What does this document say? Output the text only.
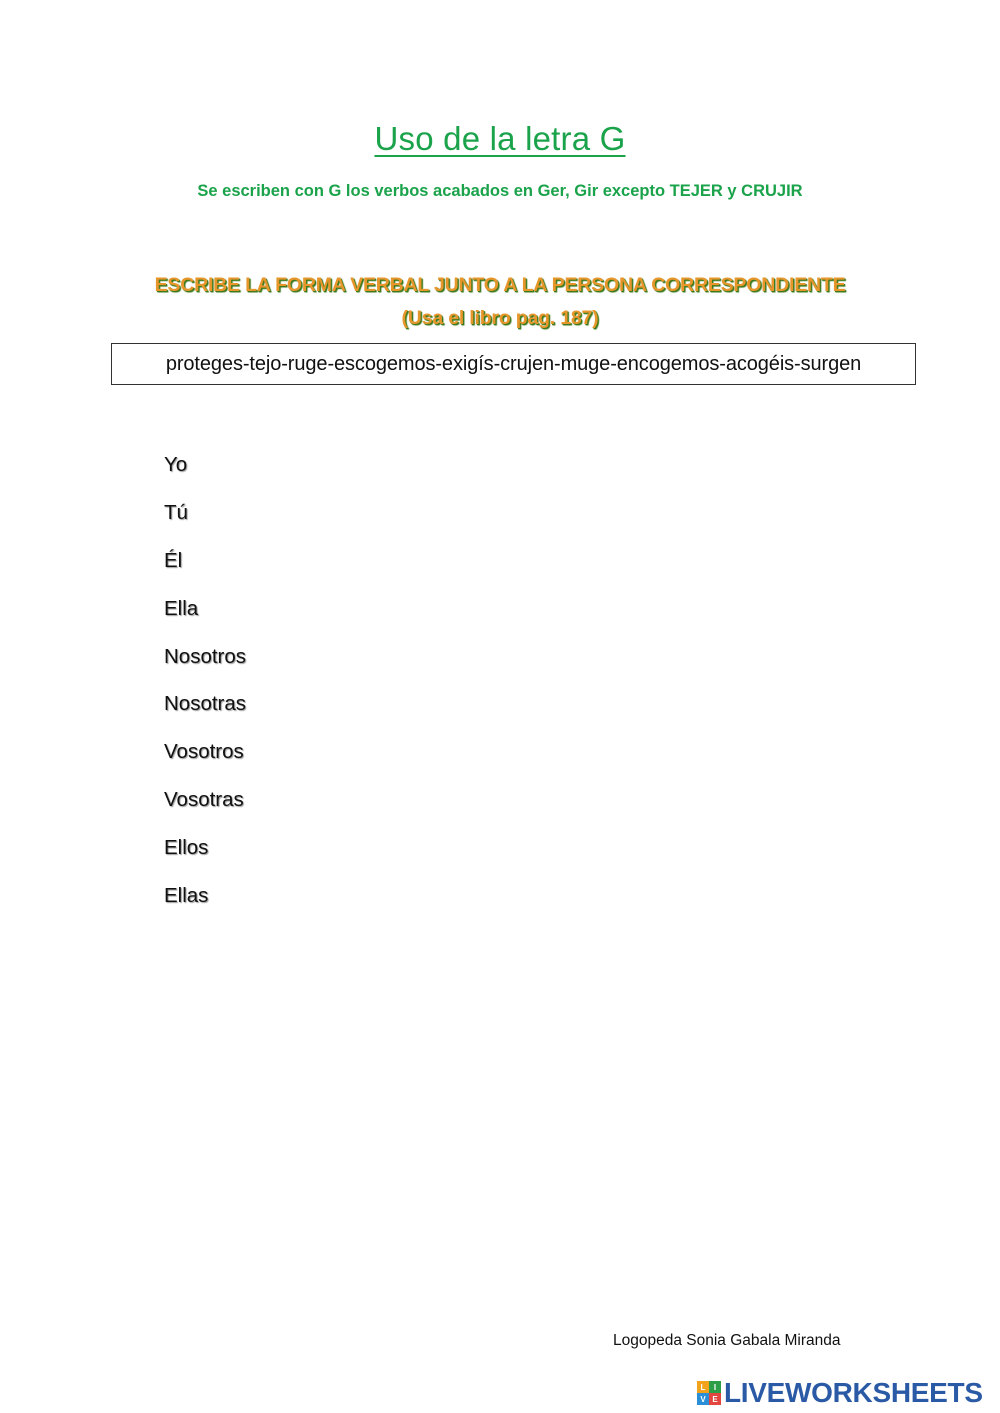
Uso de la letra G
Se escriben con G los verbos acabados en Ger, Gir excepto TEJER y CRUJIR
ESCRIBE LA FORMA VERBAL JUNTO A LA PERSONA CORRESPONDIENTE
(Usa el libro pag. 187)
proteges-tejo-ruge-escogemos-exigís-crujen-muge-encogemos-acogéis-surgen
Yo
Tú
Él
Ella
Nosotros
Nosotras
Vosotros
Vosotras
Ellos
Ellas
Logopeda Sonia Gabala Miranda
L	I
V E LIVEWORKSHEETS
